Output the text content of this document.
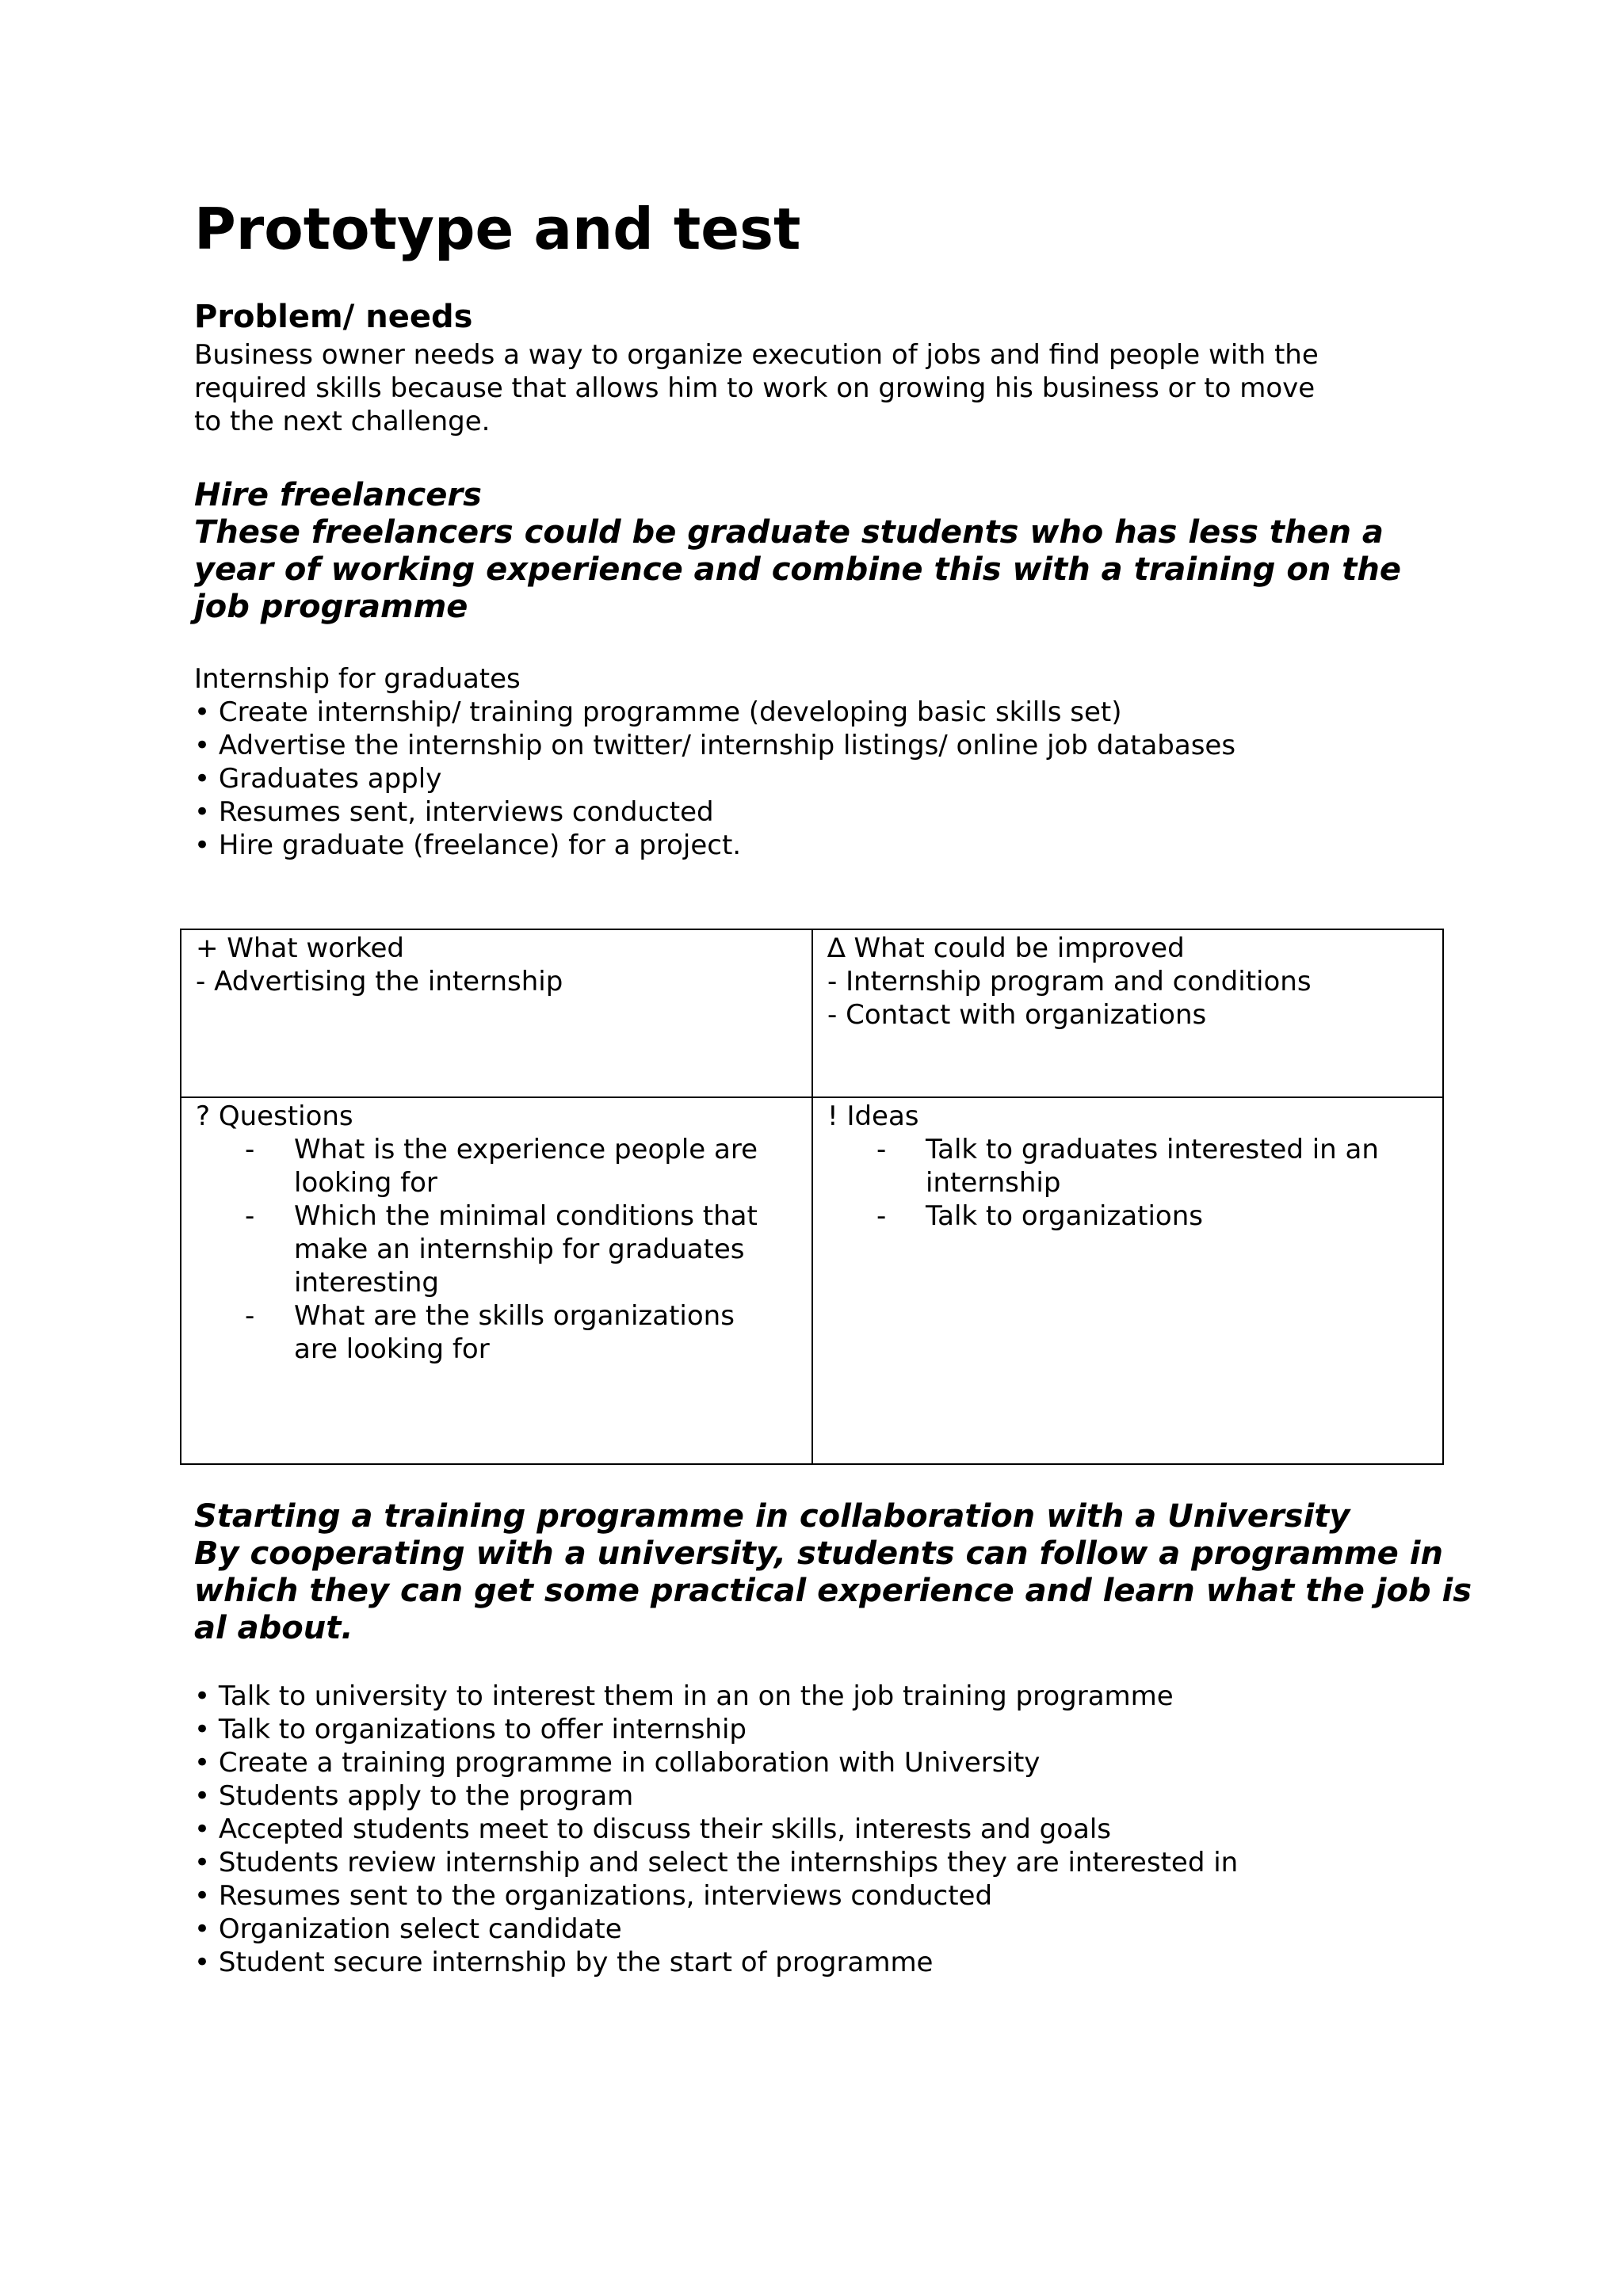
Prototype and test
Problem/ needs
Business owner needs a way to organize execution of jobs and find people with the
required skills because that allows him to work on growing his business or to move
to the next challenge.
Hire freelancers
These freelancers could be graduate students who has less then a
year of working experience and combine this with a training on the
job programme
Internship for graduates
• Create internship/ training programme (developing basic skills set)
• Advertise the internship on twitter/ internship listings/ online job databases
• Graduates apply
• Resumes sent, interviews conducted
• Hire graduate (freelance) for a project.
+ What worked
- Advertising the internship
∆ What could be improved
- Internship program and conditions
- Contact with organizations
? Questions
- What is the experience people are
looking for
- Which the minimal conditions that
make an internship for graduates
interesting
- What are the skills organizations
are looking for
! Ideas
- Talk to graduates interested in an
internship
- Talk to organizations
Starting a training programme in collaboration with a University
By cooperating with a university, students can follow a programme in
which they can get some practical experience and learn what the job is
al about.
• Talk to university to interest them in an on the job training programme
• Talk to organizations to offer internship
• Create a training programme in collaboration with University
• Students apply to the program
• Accepted students meet to discuss their skills, interests and goals
• Students review internship and select the internships they are interested in
• Resumes sent to the organizations, interviews conducted
• Organization select candidate
• Student secure internship by the start of programme
